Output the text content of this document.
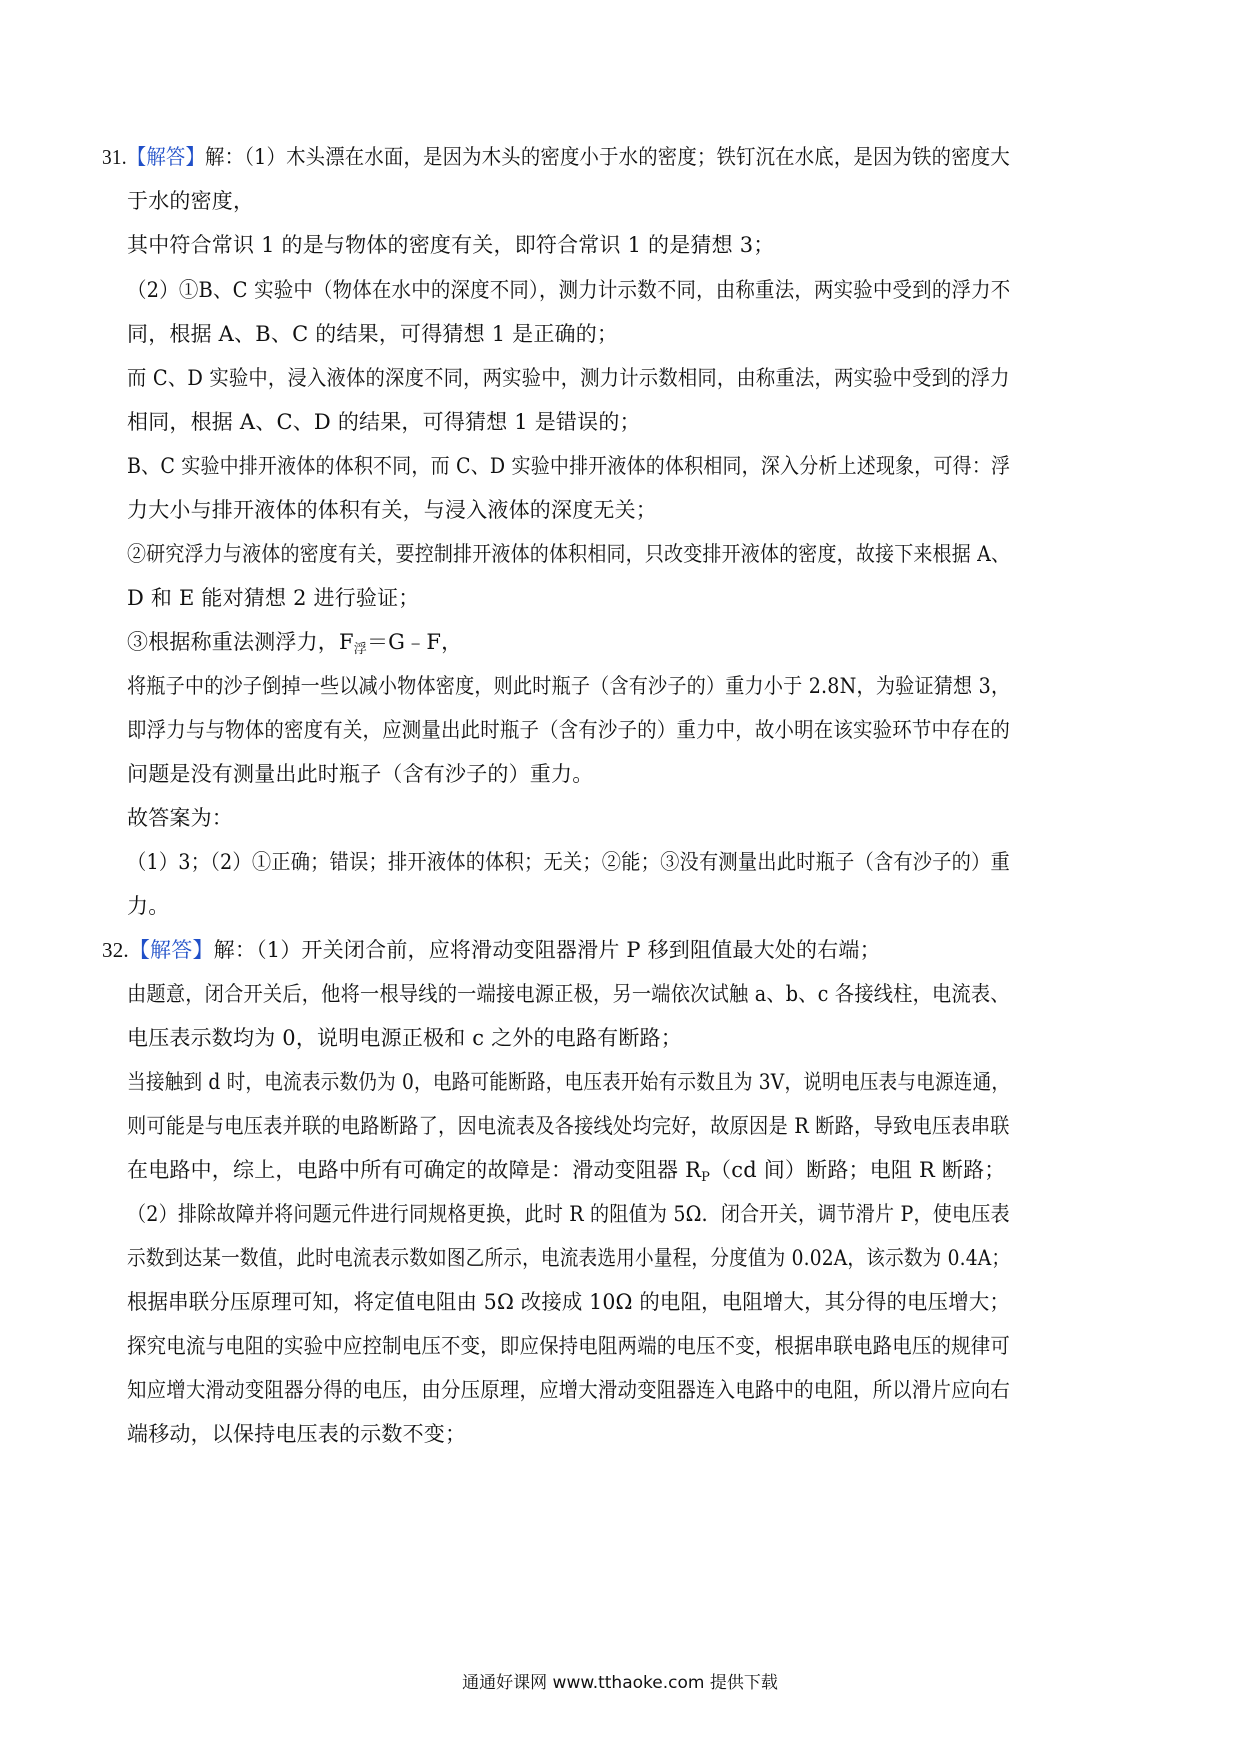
31.【解答】解：（1）木头漂在水面，是因为木头的密度小于水的密度；铁钉沉在水底，是因为铁的密度大
于水的密度，
其中符合常识 1 的是与物体的密度有关，即符合常识 1 的是猜想 3；
（2）①B、C 实验中（物体在水中的深度不同），测力计示数不同，由称重法，两实验中受到的浮力不
同，根据 A、B、C 的结果，可得猜想 1 是正确的；
而 C、D 实验中，浸入液体的深度不同，两实验中，测力计示数相同，由称重法，两实验中受到的浮力
相同，根据 A、C、D 的结果，可得猜想 1 是错误的；
B、C 实验中排开液体的体积不同，而 C、D 实验中排开液体的体积相同，深入分析上述现象，可得：浮
力大小与排开液体的体积有关，与浸入液体的深度无关；
②研究浮力与液体的密度有关，要控制排开液体的体积相同，只改变排开液体的密度，故接下来根据 A、
D 和 E 能对猜想 2 进行验证；
③根据称重法测浮力，$F_浮=G﹣F$，
将瓶子中的沙子倒掉一些以减小物体密度，则此时瓶子（含有沙子的）重力小于 2.8N，为验证猜想 3，
即浮力与与物体的密度有关，应测量出此时瓶子（含有沙子的）重力中，故小明在该实验环节中存在的
问题是没有测量出此时瓶子（含有沙子的）重力。
故答案为：
（1）3；（2）①正确；错误；排开液体的体积；无关；②能；③没有测量出此时瓶子（含有沙子的）重
力。
32.【解答】解：（1）开关闭合前，应将滑动变阻器滑片 P 移到阻值最大处的右端；
由题意，闭合开关后，他将一根导线的一端接电源正极，另一端依次试触 a、b、c 各接线柱，电流表、
电压表示数均为 0，说明电源正极和 c 之外的电路有断路；
当接触到 d 时，电流表示数仍为 0，电路可能断路，电压表开始有示数且为 3V，说明电压表与电源连通，
则可能是与电压表并联的电路断路了，因电流表及各接线处均完好，故原因是 R 断路，导致电压表串联
在电路中，综上，电路中所有可确定的故障是：滑动变阻器 $R_P(cd$ 间）断路；电阻 R 断路；
（2）排除故障并将问题元件进行同规格更换，此时 R 的阻值为 5Ω．闭合开关，调节滑片 P，使电压表
示数到达某一数值，此时电流表示数如图乙所示，电流表选用小量程，分度值为 0.02A，该示数为 0.4A；
根据串联分压原理可知，将定值电阻由 5Ω 改接成 10Ω 的电阻，电阻增大，其分得的电压增大；
探究电流与电阻的实验中应控制电压不变，即应保持电阻两端的电压不变，根据串联电路电压的规律可
知应增大滑动变阻器分得的电压，由分压原理，应增大滑动变阻器连入电路中的电阻，所以滑片应向右
端移动，以保持电压表的示数不变；
通通好课网 www.tthaoke.com 提供下载
